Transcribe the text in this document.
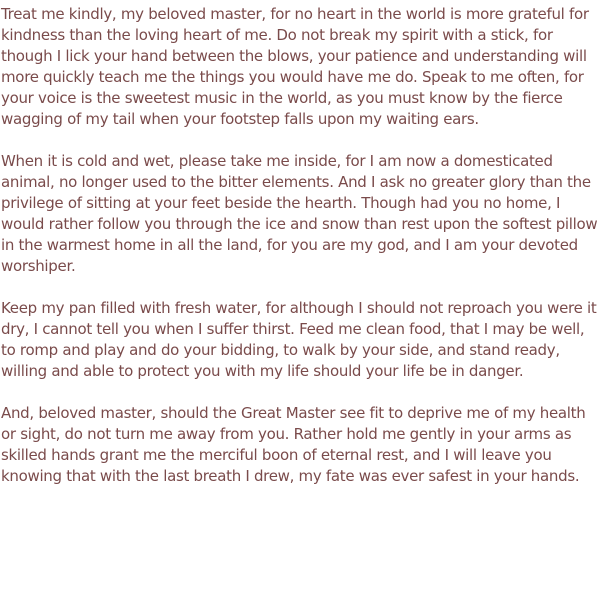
Treat me kindly, my beloved master, for no heart in the world is more grateful for kindness than the loving heart of me. Do not break my spirit with a stick, for though I lick your hand between the blows, your patience and understanding will more quickly teach me the things you would have me do. Speak to me often, for your voice is the sweetest music in the world, as you must know by the fierce wagging of my tail when your footstep falls upon my waiting ears.

When it is cold and wet, please take me inside, for I am now a domesticated animal, no longer used to the bitter elements. And I ask no greater glory than the privilege of sitting at your feet beside the hearth. Though had you no home, I would rather follow you through the ice and snow than rest upon the softest pillow in the warmest home in all the land, for you are my god, and I am your devoted worshiper.

Keep my pan filled with fresh water, for although I should not reproach you were it dry, I cannot tell you when I suffer thirst. Feed me clean food, that I may be well, to romp and play and do your bidding, to walk by your side, and stand ready, willing and able to protect you with my life should your life be in danger.

And, beloved master, should the Great Master see fit to deprive me of my health or sight, do not turn me away from you. Rather hold me gently in your arms as skilled hands grant me the merciful boon of eternal rest, and I will leave you knowing that with the last breath I drew, my fate was ever safest in your hands.
